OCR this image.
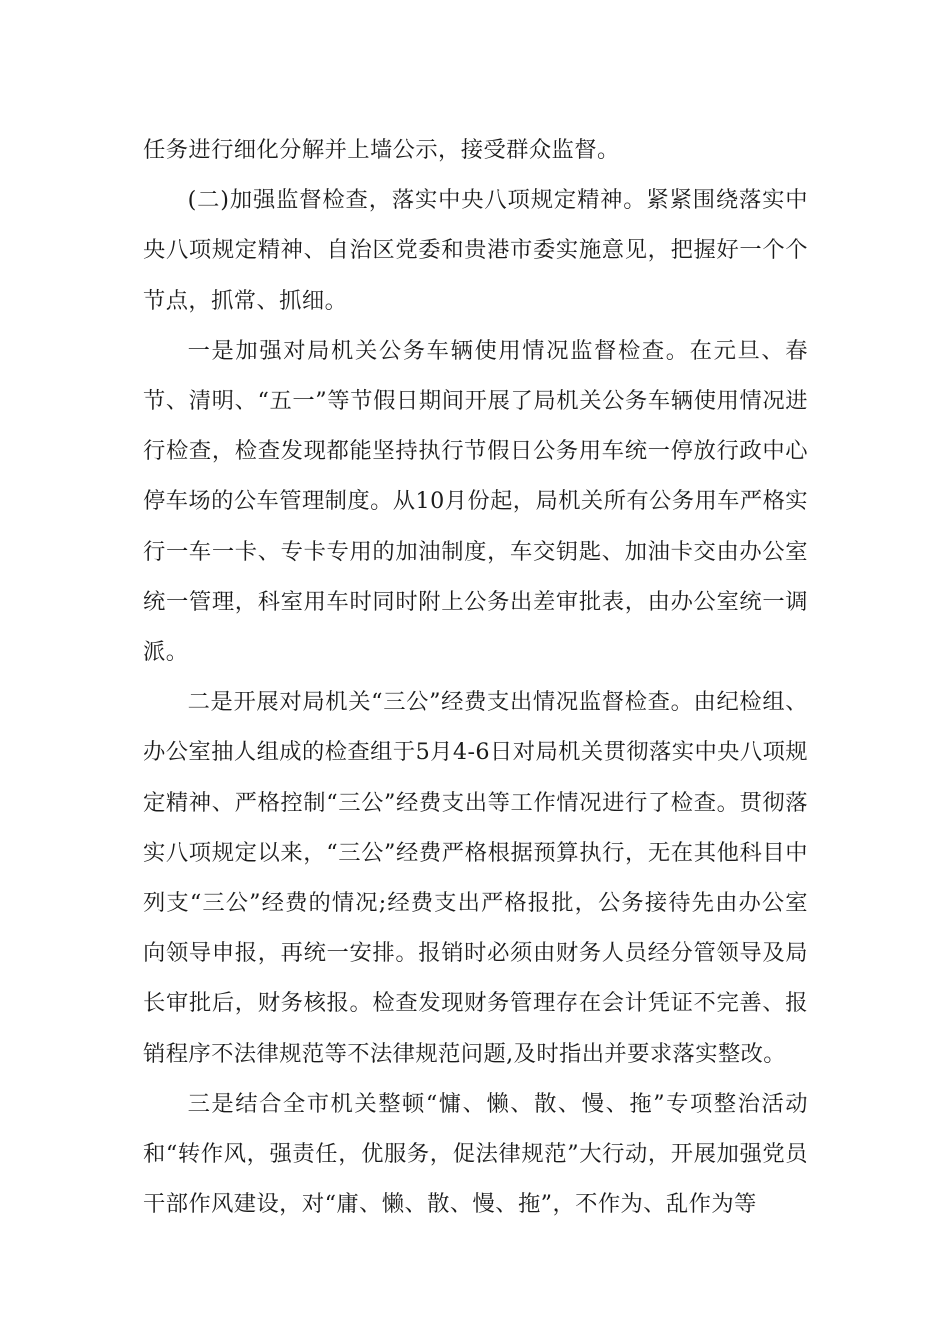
任务进行细化分解并上墙公示，接受群众监督。

(二)加强监督检查，落实中央八项规定精神。紧紧围绕落实中央八项规定精神、自治区党委和贵港市委实施意见，把握好一个个节点，抓常、抓细。

一是加强对局机关公务车辆使用情况监督检查。在元旦、春节、清明、“五一”等节假日期间开展了局机关公务车辆使用情况进行检查，检查发现都能坚持执行节假日公务用车统一停放行政中心停车场的公车管理制度。从10月份起，局机关所有公务用车严格实行一车一卡、专卡专用的加油制度，车交钥匙、加油卡交由办公室统一管理，科室用车时同时附上公务出差审批表，由办公室统一调派。

二是开展对局机关“三公”经费支出情况监督检查。由纪检组、办公室抽人组成的检查组于5月4-6日对局机关贯彻落实中央八项规定精神、严格控制“三公”经费支出等工作情况进行了检查。贯彻落实八项规定以来，“三公”经费严格根据预算执行，无在其他科目中列支“三公”经费的情况;经费支出严格报批，公务接待先由办公室向领导申报，再统一安排。报销时必须由财务人员经分管领导及局长审批后，财务核报。检查发现财务管理存在会计凭证不完善、报销程序不法律规范等不法律规范问题,及时指出并要求落实整改。

三是结合全市机关整顿“慵、懒、散、慢、拖”专项整治活动和“转作风，强责任，优服务，促法律规范”大行动，开展加强党员干部作风建设，对“庸、懒、散、慢、拖”，不作为、乱作为等
